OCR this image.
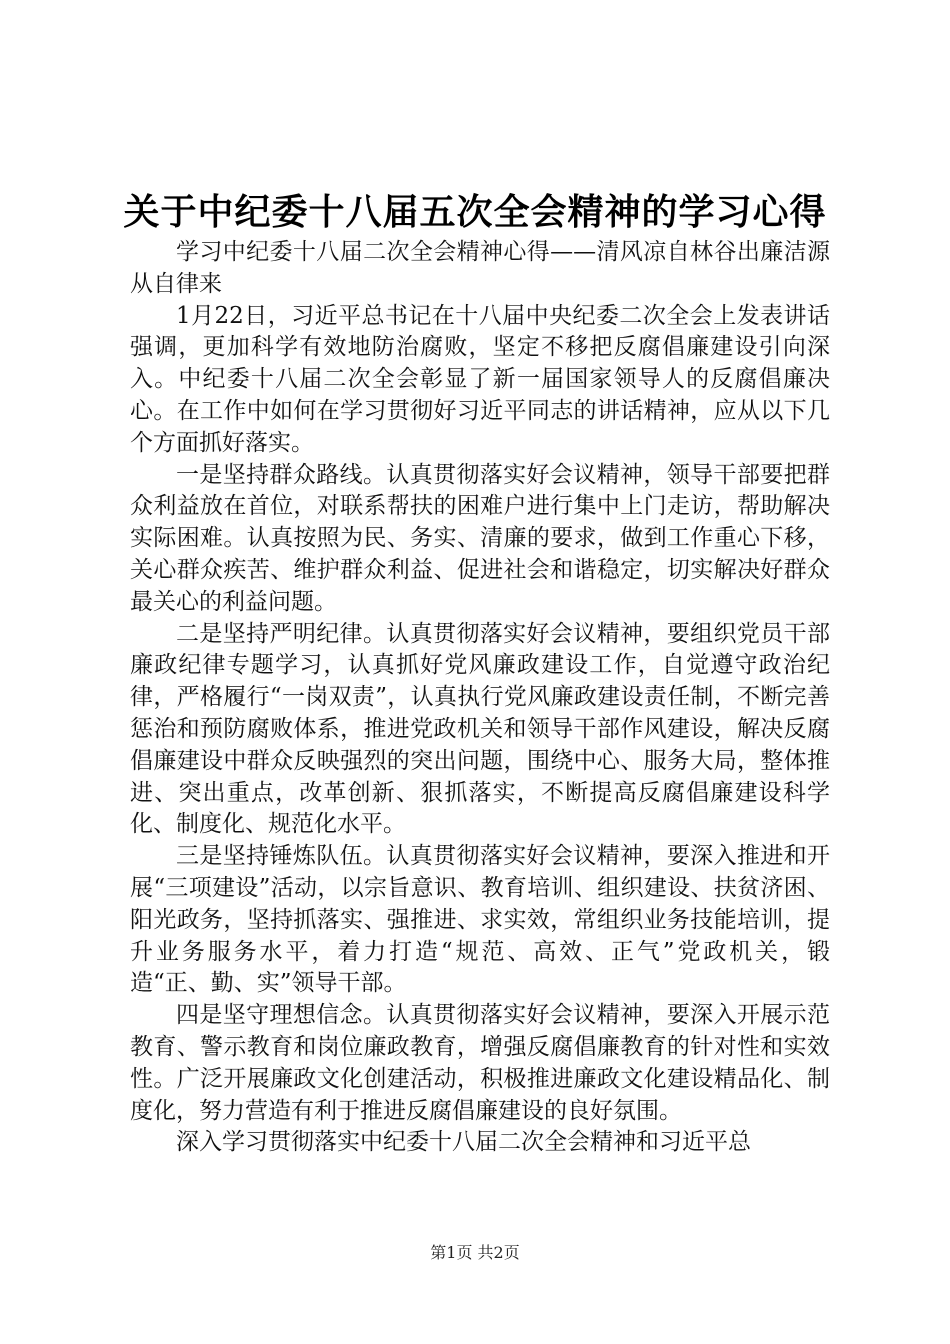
关于中纪委十八届五次全会精神的学习心得

学习中纪委十八届二次全会精神心得——清风凉自林谷出廉洁源从自律来

1月22日，习近平总书记在十八届中央纪委二次全会上发表讲话强调，更加科学有效地防治腐败，坚定不移把反腐倡廉建设引向深入。中纪委十八届二次全会彰显了新一届国家领导人的反腐倡廉决心。在工作中如何在学习贯彻好习近平同志的讲话精神，应从以下几个方面抓好落实。

一是坚持群众路线。认真贯彻落实好会议精神，领导干部要把群众利益放在首位，对联系帮扶的困难户进行集中上门走访，帮助解决实际困难。认真按照为民、务实、清廉的要求，做到工作重心下移，关心群众疾苦、维护群众利益、促进社会和谐稳定，切实解决好群众最关心的利益问题。

二是坚持严明纪律。认真贯彻落实好会议精神，要组织党员干部廉政纪律专题学习，认真抓好党风廉政建设工作，自觉遵守政治纪律，严格履行“一岗双责”，认真执行党风廉政建设责任制，不断完善惩治和预防腐败体系，推进党政机关和领导干部作风建设，解决反腐倡廉建设中群众反映强烈的突出问题，围绕中心、服务大局，整体推进、突出重点，改革创新、狠抓落实，不断提高反腐倡廉建设科学化、制度化、规范化水平。

三是坚持锤炼队伍。认真贯彻落实好会议精神，要深入推进和开展“三项建设”活动，以宗旨意识、教育培训、组织建设、扶贫济困、阳光政务，坚持抓落实、强推进、求实效，常组织业务技能培训，提升业务服务水平，着力打造“规范、高效、正气”党政机关，锻造“正、勤、实”领导干部。

四是坚守理想信念。认真贯彻落实好会议精神，要深入开展示范教育、警示教育和岗位廉政教育，增强反腐倡廉教育的针对性和实效性。广泛开展廉政文化创建活动，积极推进廉政文化建设精品化、制度化，努力营造有利于推进反腐倡廉建设的良好氛围。

深入学习贯彻落实中纪委十八届二次全会精神和习近平总

第1页 共2页
